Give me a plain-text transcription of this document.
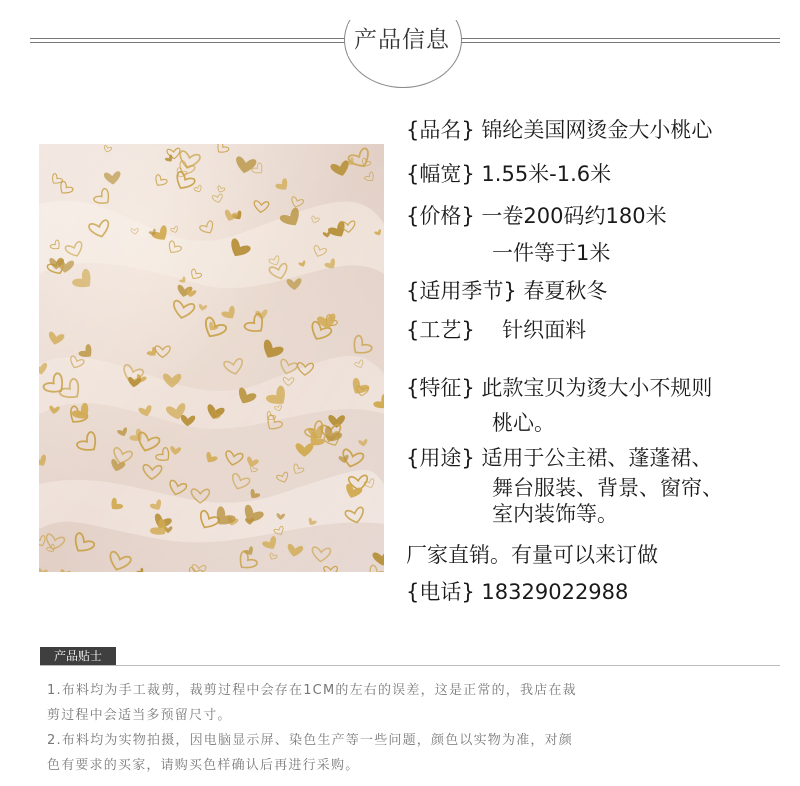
产品信息
{品名} 锦纶美国网烫金大小桃心
{幅宽} 1.55米-1.6米
{价格} 一卷200码约180米
一件等于1米
{适用季节} 春夏秋冬
{工艺} 针织面料
{特征} 此款宝贝为烫大小不规则
桃心。
{用途} 适用于公主裙、蓬蓬裙、
舞台服装、背景、窗帘、
室内装饰等。
厂家直销。有量可以来订做
{电话} 18329022988
产品贴士

1.布料均为手工裁剪，裁剪过程中会存在1CM的左右的误差，这是正常的，我店在裁

剪过程中会适当多预留尺寸。

2.布料均为实物拍摄，因电脑显示屏、染色生产等一些问题，颜色以实物为准，对颜

色有要求的买家，请购买色样确认后再进行采购。
